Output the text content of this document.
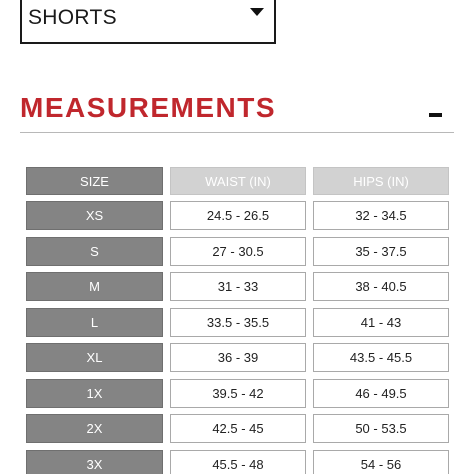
SHORTS
MEASUREMENTS
SIZE	WAIST (IN)	HIPS (IN)
XS	24.5 - 26.5	32 - 34.5
S	27 - 30.5	35 - 37.5
M	31 - 33	38 - 40.5
L	33.5 - 35.5	41 - 43
XL	36 - 39	43.5 - 45.5
1X	39.5 - 42	46 - 49.5
2X	42.5 - 45	50 - 53.5
3X	45.5 - 48	54 - 56
